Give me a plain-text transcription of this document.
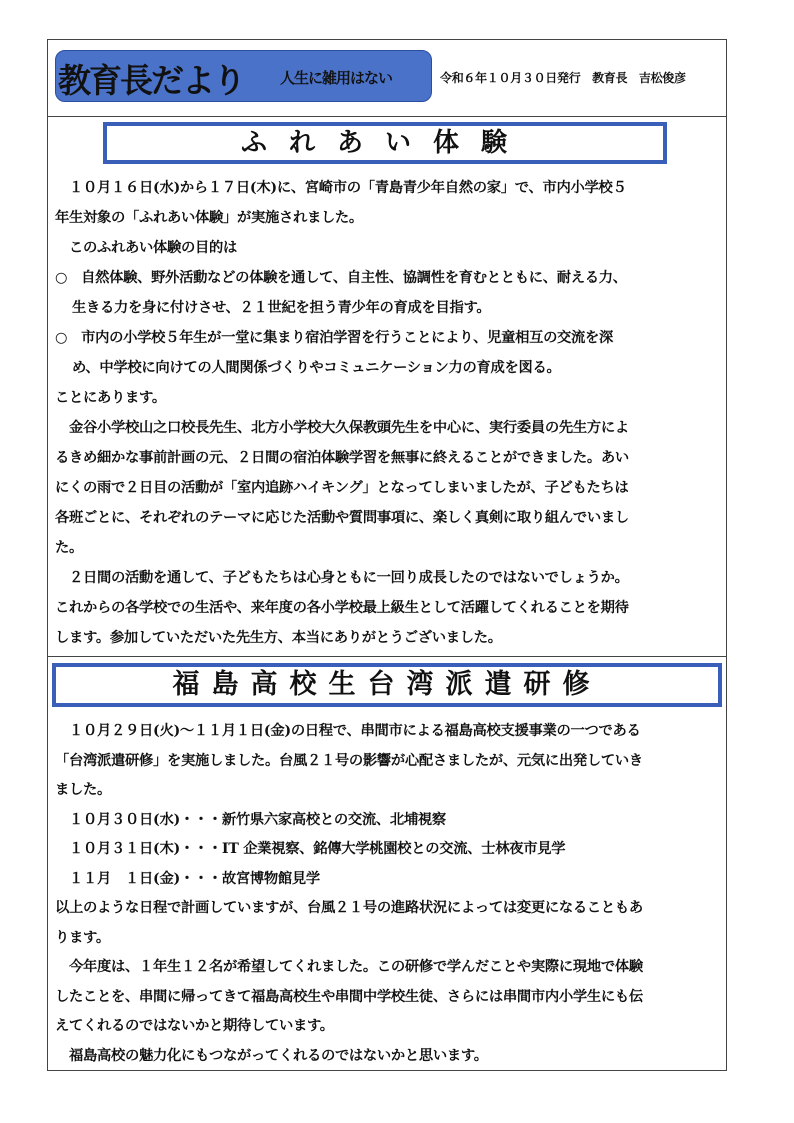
教育長だより 人生に雑用はない	令和６年１０月３０日発行　教育長　吉松俊彦
ふれあい体験
１０月１６日(水)から１７日(木)に、宮崎市の「青島青少年自然の家」で、市内小学校５
年生対象の「ふれあい体験」が実施されました。
このふれあい体験の目的は
○　自然体験、野外活動などの体験を通して、自主性、協調性を育むとともに、耐える力、
生きる力を身に付けさせ、２１世紀を担う青少年の育成を目指す。
○　市内の小学校５年生が一堂に集まり宿泊学習を行うことにより、児童相互の交流を深
め、中学校に向けての人間関係づくりやコミュニケーション力の育成を図る。
ことにあります。
金谷小学校山之口校長先生、北方小学校大久保教頭先生を中心に、実行委員の先生方によ
るきめ細かな事前計画の元、２日間の宿泊体験学習を無事に終えることができました。あい
にくの雨で２日目の活動が「室内追跡ハイキング」となってしまいましたが、子どもたちは
各班ごとに、それぞれのテーマに応じた活動や質問事項に、楽しく真剣に取り組んでいまし
た。
２日間の活動を通して、子どもたちは心身ともに一回り成長したのではないでしょうか。
これからの各学校での生活や、来年度の各小学校最上級生として活躍してくれることを期待
します。参加していただいた先生方、本当にありがとうございました。
福島高校生台湾派遣研修
１０月２９日(火)～１１月１日(金)の日程で、串間市による福島高校支援事業の一つである
「台湾派遣研修」を実施しました。台風２１号の影響が心配さましたが、元気に出発していき
ました。
１０月３０日(水)・・・新竹県六家高校との交流、北埔視察
１０月３１日(木)・・・IT 企業視察、銘傳大学桃園校との交流、士林夜市見学
１１月　１日(金)・・・故宮博物館見学
以上のような日程で計画していますが、台風２１号の進路状況によっては変更になることもあ
ります。
今年度は、１年生１２名が希望してくれました。この研修で学んだことや実際に現地で体験
したことを、串間に帰ってきて福島高校生や串間中学校生徒、さらには串間市内小学生にも伝
えてくれるのではないかと期待しています。
福島高校の魅力化にもつながってくれるのではないかと思います。
